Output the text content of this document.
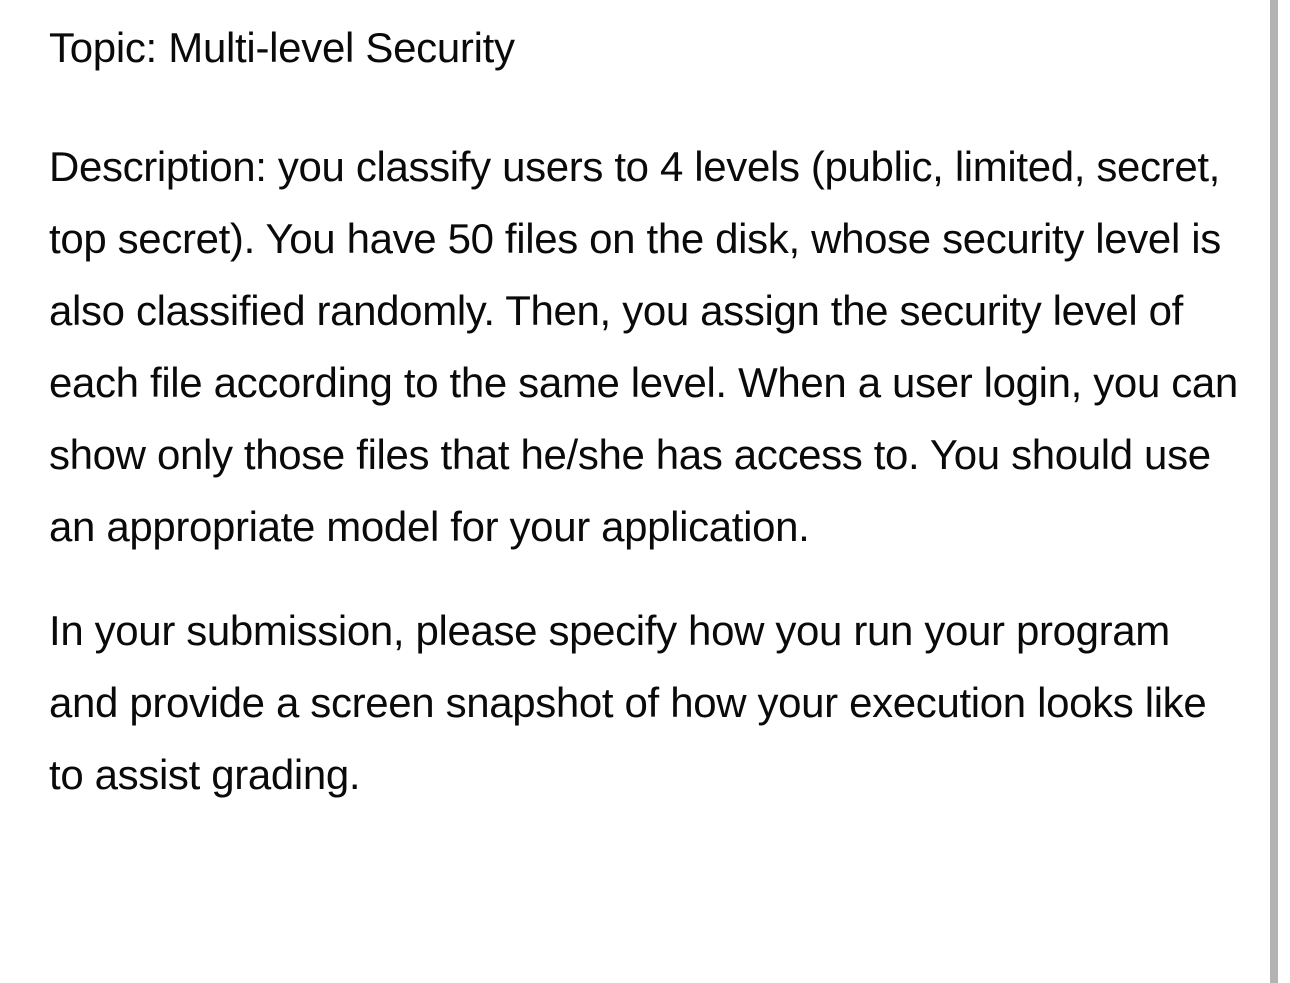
Topic: Multi-level Security

Description: you classify users to 4 levels (public, limited, secret, top secret). You have 50 files on the disk, whose security level is also classified randomly. Then, you assign the security level of each file according to the same level. When a user login, you can show only those files that he/she has access to. You should use an appropriate model for your application.

In your submission, please specify how you run your program and provide a screen snapshot of how your execution looks like to assist grading.
